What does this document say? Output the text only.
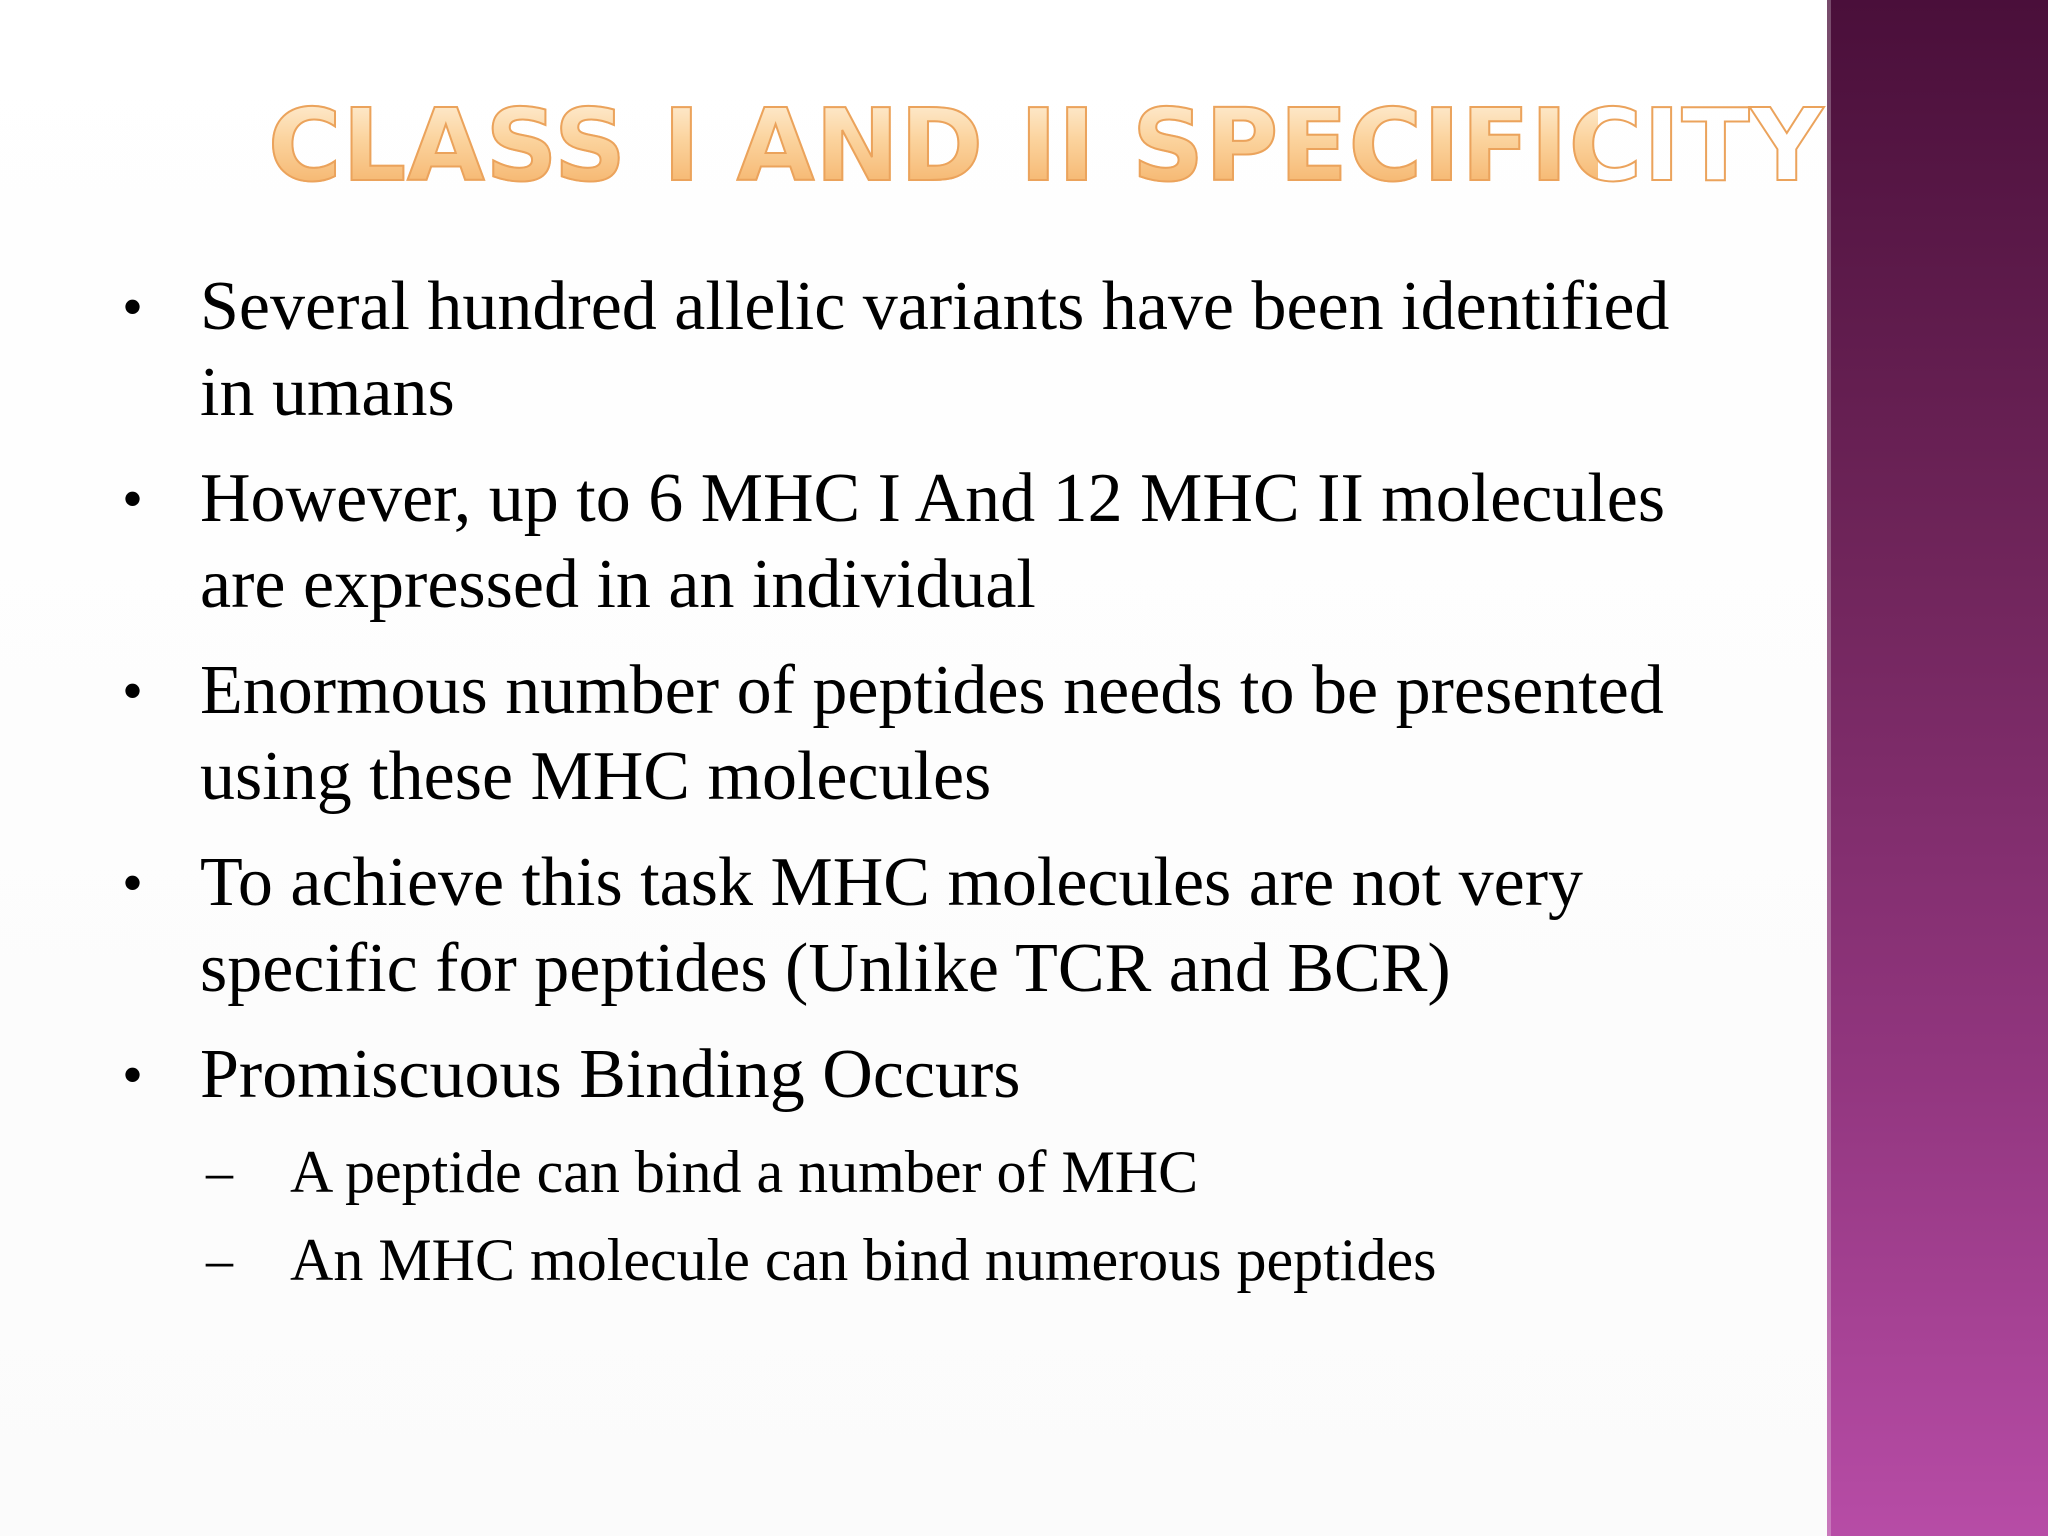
CLASS I AND II SPECIFICITY
• Several hundred allelic variants have been identified in umans
• However, up to 6 MHC I And 12 MHC II molecules are expressed in an individual
• Enormous number of peptides needs to be presented using these MHC molecules
• To achieve this task MHC molecules are not very specific for peptides (Unlike TCR and BCR)
• Promiscuous Binding Occurs
– A peptide can bind a number of MHC
– An MHC molecule can bind numerous peptides
